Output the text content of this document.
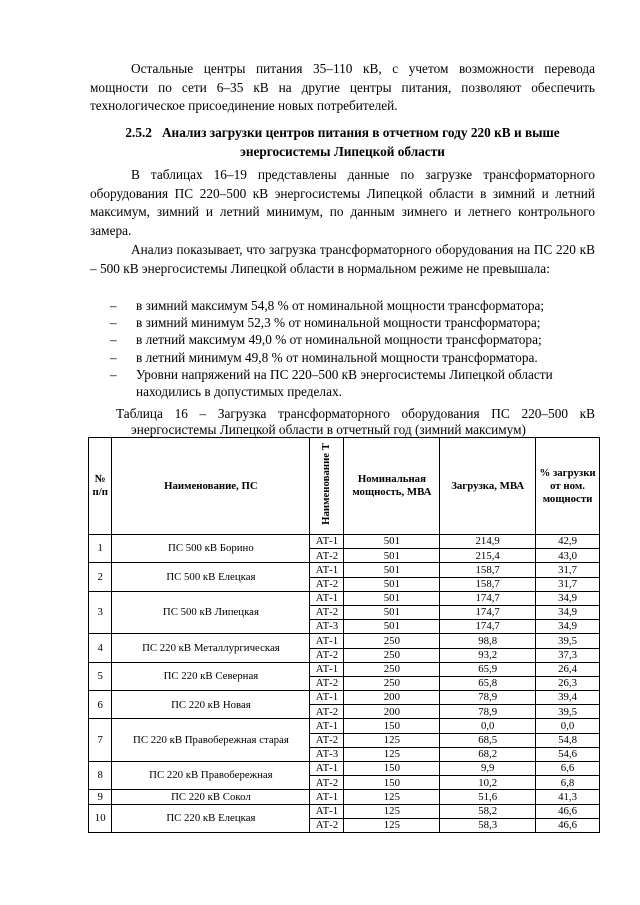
Остальные центры питания 35–110 кВ, с учетом возможности перевода мощности по сети 6–35 кВ на другие центры питания, позволяют обеспечить технологическое присоединение новых потребителей.
2.5.2 Анализ загрузки центров питания в отчетном году 220 кВ и выше энергосистемы Липецкой области
В таблицах 16–19 представлены данные по загрузке трансформаторного оборудования ПС 220–500 кВ энергосистемы Липецкой области в зимний и летний максимум, зимний и летний минимум, по данным зимнего и летнего контрольного замера.
Анализ показывает, что загрузка трансформаторного оборудования на ПС 220 кВ – 500 кВ энергосистемы Липецкой области в нормальном режиме не превышала:
– в зимний максимум 54,8 % от номинальной мощности трансформатора;
– в зимний минимум 52,3 % от номинальной мощности трансформатора;
– в летний максимум 49,0 % от номинальной мощности трансформатора;
– в летний минимум 49,8 % от номинальной мощности трансформатора.
– Уровни напряжений на ПС 220–500 кВ энергосистемы Липецкой области находились в допустимых пределах.
Таблица 16 – Загрузка трансформаторного оборудования ПС 220–500 кВ
энергосистемы Липецкой области в отчетный год (зимний максимум)
№ п/п	Наименование, ПС	Наименование Т	Номинальная мощность, МВА	Загрузка, МВА	% загрузки от ном. мощности
1	ПС 500 кВ Борино	АТ-1	501	214,9	42,9
		АТ-2	501	215,4	43,0
2	ПС 500 кВ Елецкая	АТ-1	501	158,7	31,7
		АТ-2	501	158,7	31,7
3	ПС 500 кВ Липецкая	АТ-1	501	174,7	34,9
		АТ-2	501	174,7	34,9
		АТ-3	501	174,7	34,9
4	ПС 220 кВ Металлургическая	АТ-1	250	98,8	39,5
		АТ-2	250	93,2	37,3
5	ПС 220 кВ Северная	АТ-1	250	65,9	26,4
		АТ-2	250	65,8	26,3
6	ПС 220 кВ Новая	АТ-1	200	78,9	39,4
		АТ-2	200	78,9	39,5
7	ПС 220 кВ Правобережная старая	АТ-1	150	0,0	0,0
		АТ-2	125	68,5	54,8
		АТ-3	125	68,2	54,6
8	ПС 220 кВ Правобережная	АТ-1	150	9,9	6,6
		АТ-2	150	10,2	6,8
9	ПС 220 кВ Сокол	АТ-1	125	51,6	41,3
10	ПС 220 кВ Елецкая	АТ-1	125	58,2	46,6
		АТ-2	125	58,3	46,6
